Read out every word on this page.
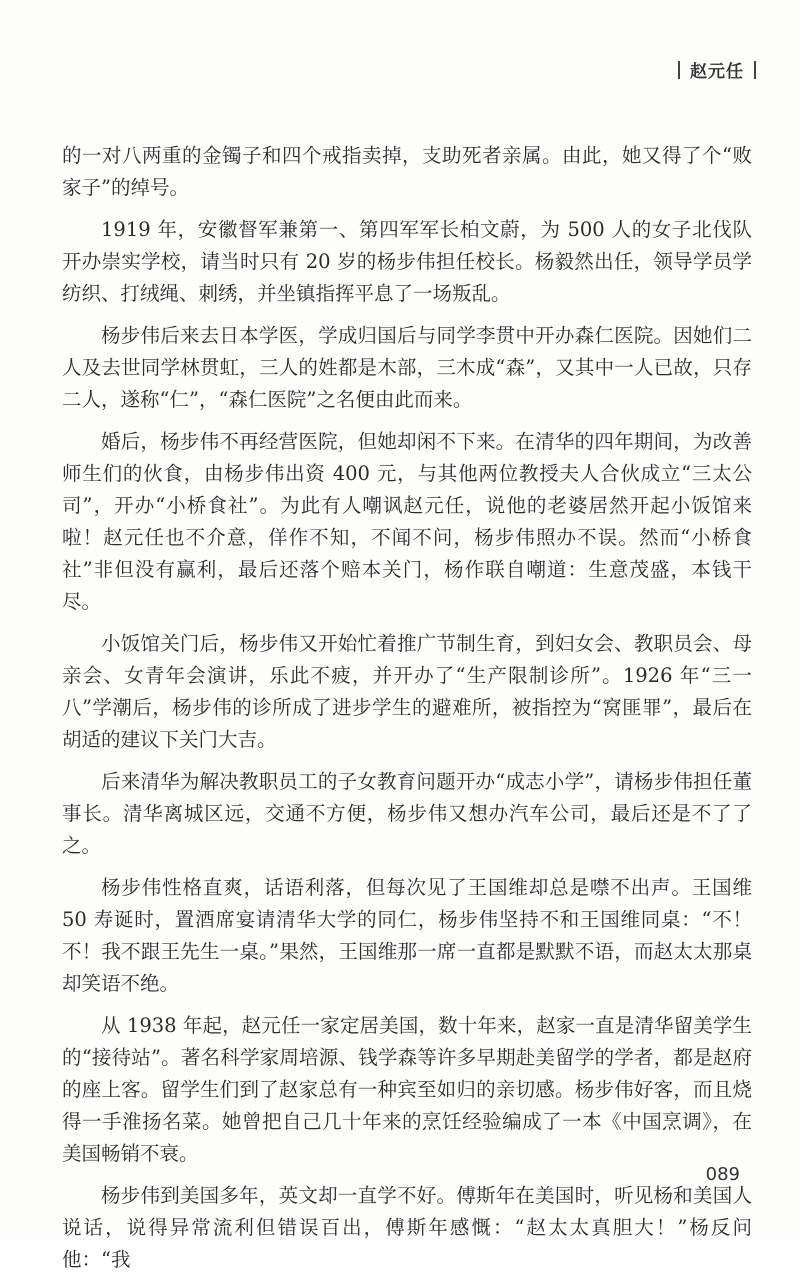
赵元任

的一对八两重的金镯子和四个戒指卖掉，支助死者亲属。由此，她又得了个“败家子”的绰号。

1919 年，安徽督军兼第一、第四军军长柏文蔚，为 500 人的女子北伐队开办崇实学校，请当时只有 20 岁的杨步伟担任校长。杨毅然出任，领导学员学纺织、打绒绳、刺绣，并坐镇指挥平息了一场叛乱。

杨步伟后来去日本学医，学成归国后与同学李贯中开办森仁医院。因她们二人及去世同学林贯虹，三人的姓都是木部，三木成“森”，又其中一人已故，只存二人，遂称“仁”，“森仁医院”之名便由此而来。

婚后，杨步伟不再经营医院，但她却闲不下来。在清华的四年期间，为改善师生们的伙食，由杨步伟出资 400 元，与其他两位教授夫人合伙成立“三太公司”，开办“小桥食社”。为此有人嘲讽赵元任，说他的老婆居然开起小饭馆来啦！赵元任也不介意，佯作不知，不闻不问，杨步伟照办不误。然而“小桥食社”非但没有赢利，最后还落个赔本关门，杨作联自嘲道：生意茂盛，本钱干尽。

小饭馆关门后，杨步伟又开始忙着推广节制生育，到妇女会、教职员会、母亲会、女青年会演讲，乐此不疲，并开办了“生产限制诊所”。1926 年“三一八”学潮后，杨步伟的诊所成了进步学生的避难所，被指控为“窝匪罪”，最后在胡适的建议下关门大吉。

后来清华为解决教职员工的子女教育问题开办“成志小学”，请杨步伟担任董事长。清华离城区远，交通不方便，杨步伟又想办汽车公司，最后还是不了了之。

杨步伟性格直爽，话语利落，但每次见了王国维却总是噤不出声。王国维 50 寿诞时，置酒席宴请清华大学的同仁，杨步伟坚持不和王国维同桌：“不！不！我不跟王先生一桌。”果然，王国维那一席一直都是默默不语，而赵太太那桌却笑语不绝。

从 1938 年起，赵元任一家定居美国，数十年来，赵家一直是清华留美学生的“接待站”。著名科学家周培源、钱学森等许多早期赴美留学的学者，都是赵府的座上客。留学生们到了赵家总有一种宾至如归的亲切感。杨步伟好客，而且烧得一手淮扬名菜。她曾把自己几十年来的烹饪经验编成了一本《中国烹调》，在美国畅销不衰。

杨步伟到美国多年，英文却一直学不好。傅斯年在美国时，听见杨和美国人说话，说得异常流利但错误百出，傅斯年感慨：“赵太太真胆大！”杨反问他：“我

089
